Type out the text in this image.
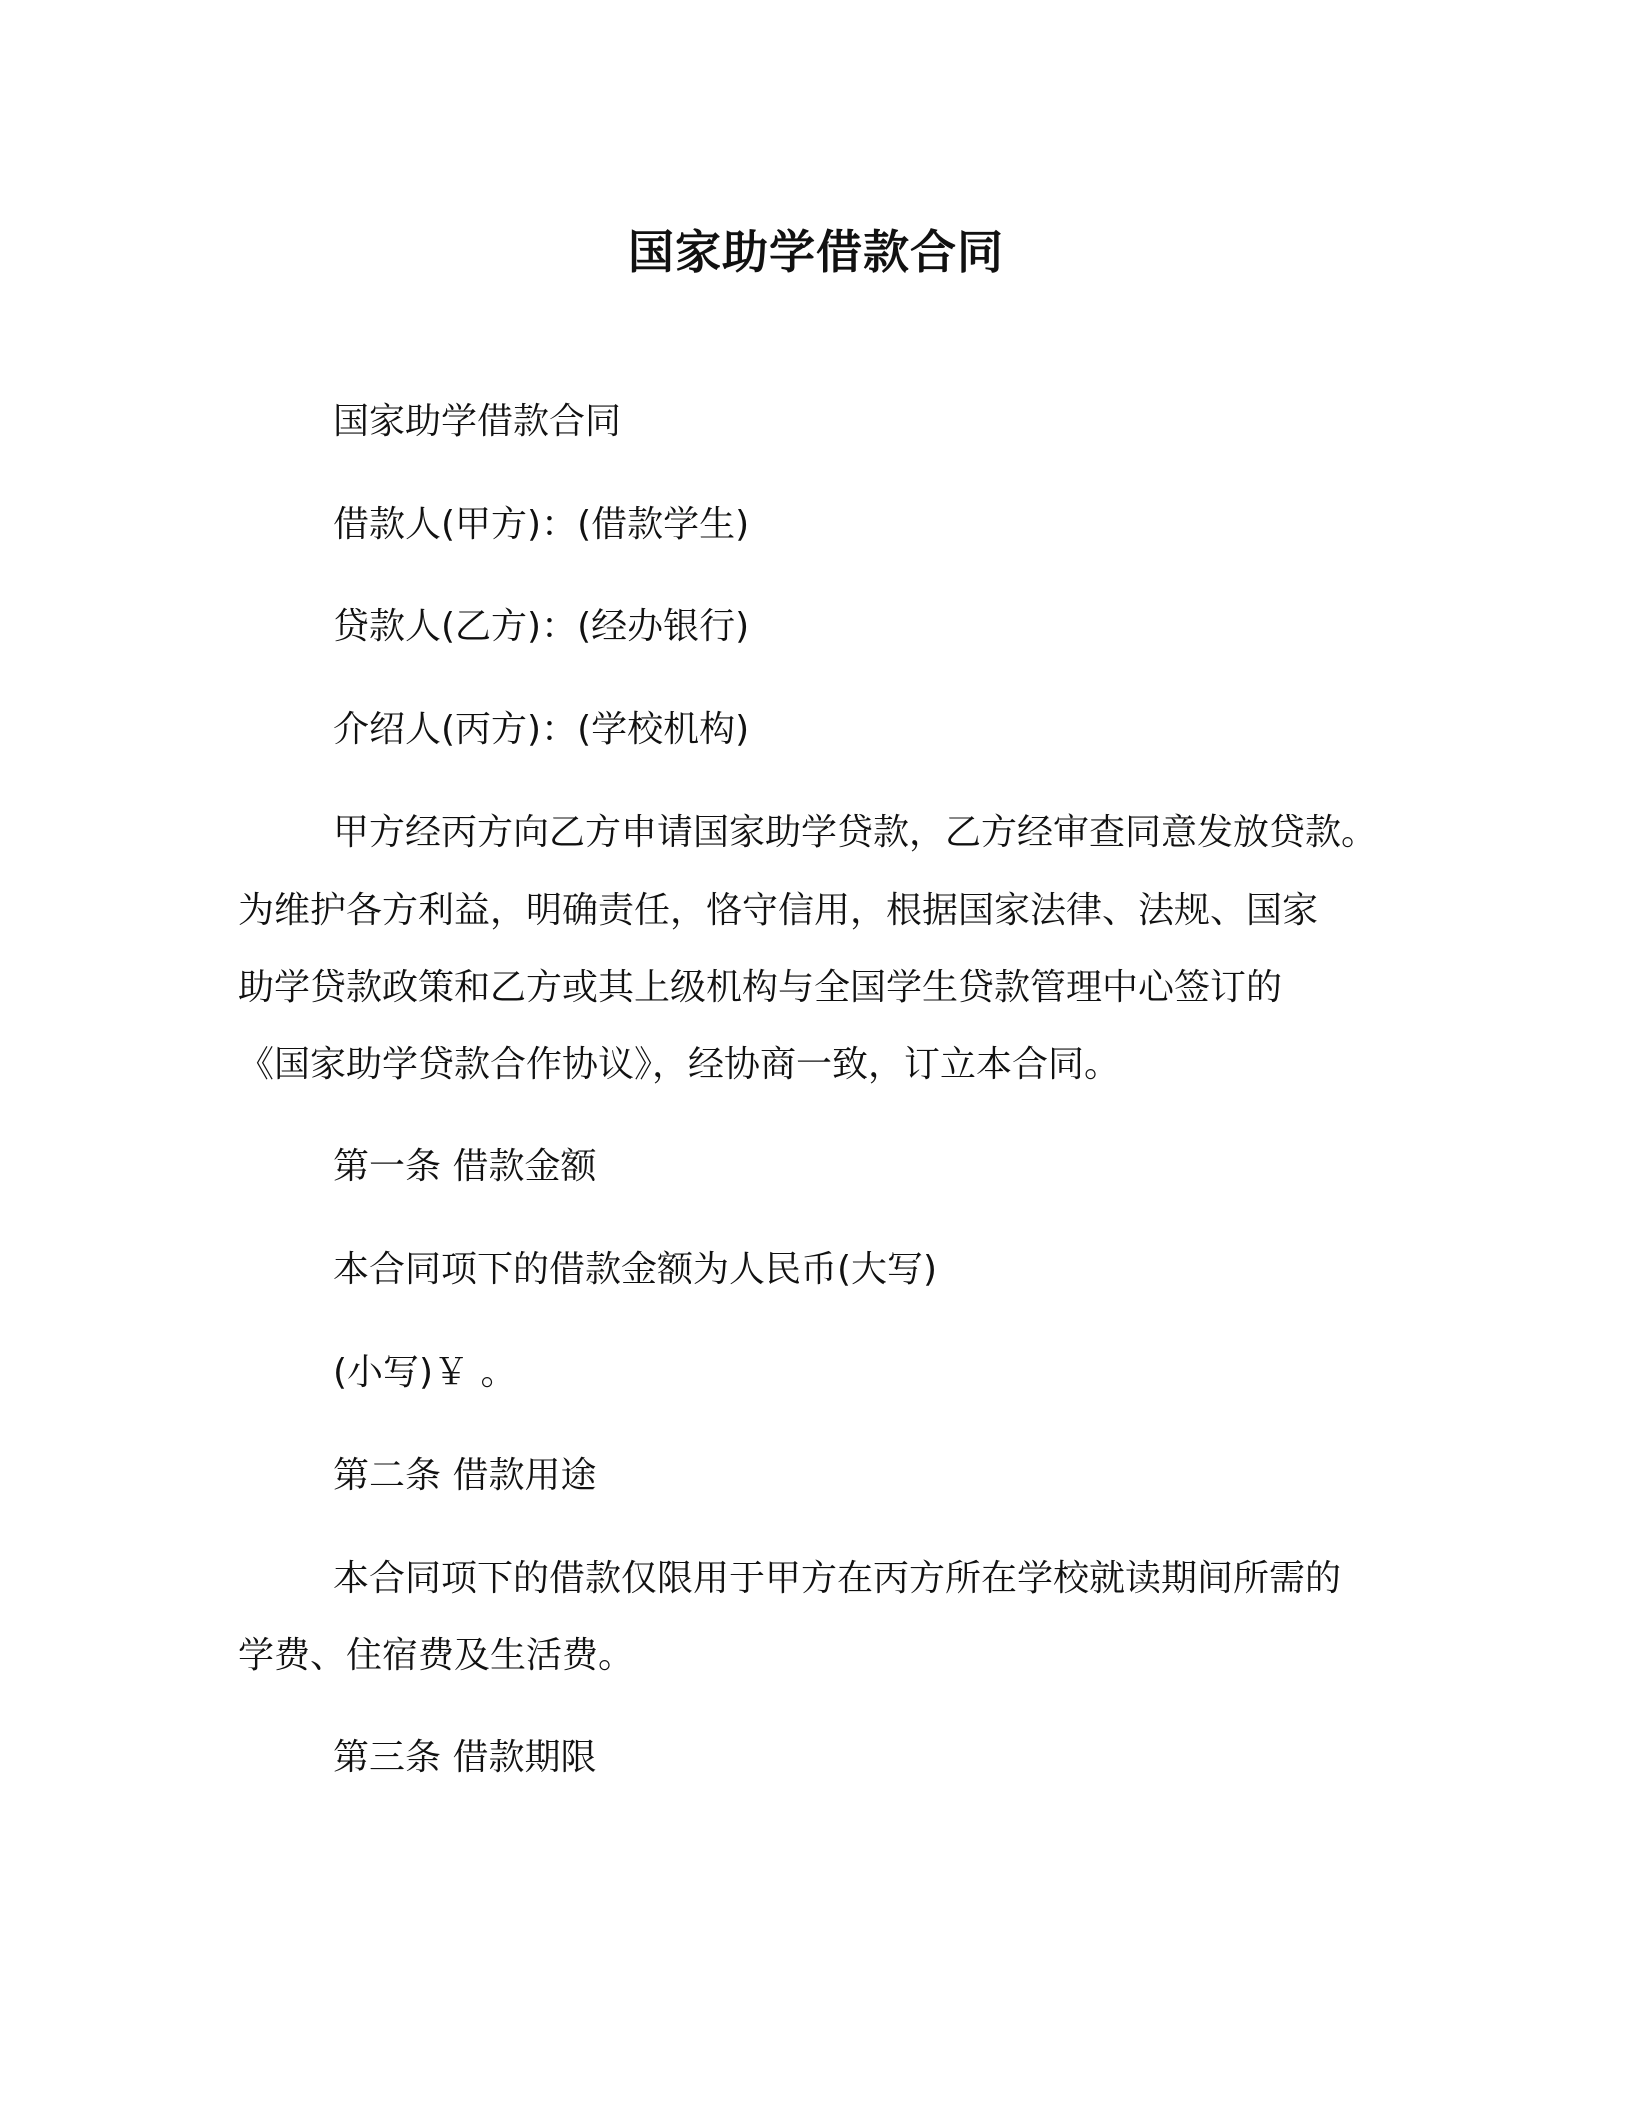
国家助学借款合同

国家助学借款合同

借款人(甲方)：(借款学生)

贷款人(乙方)：(经办银行)

介绍人(丙方)：(学校机构)

甲方经丙方向乙方申请国家助学贷款，乙方经审查同意发放贷款。

为维护各方利益，明确责任，恪守信用，根据国家法律、法规、国家

助学贷款政策和乙方或其上级机构与全国学生贷款管理中心签订的

《国家助学贷款合作协议》，经协商一致，订立本合同。

第一条 借款金额

本合同项下的借款金额为人民币(大写)

(小写)￥ 。

第二条 借款用途

本合同项下的借款仅限用于甲方在丙方所在学校就读期间所需的

学费、住宿费及生活费。

第三条 借款期限
